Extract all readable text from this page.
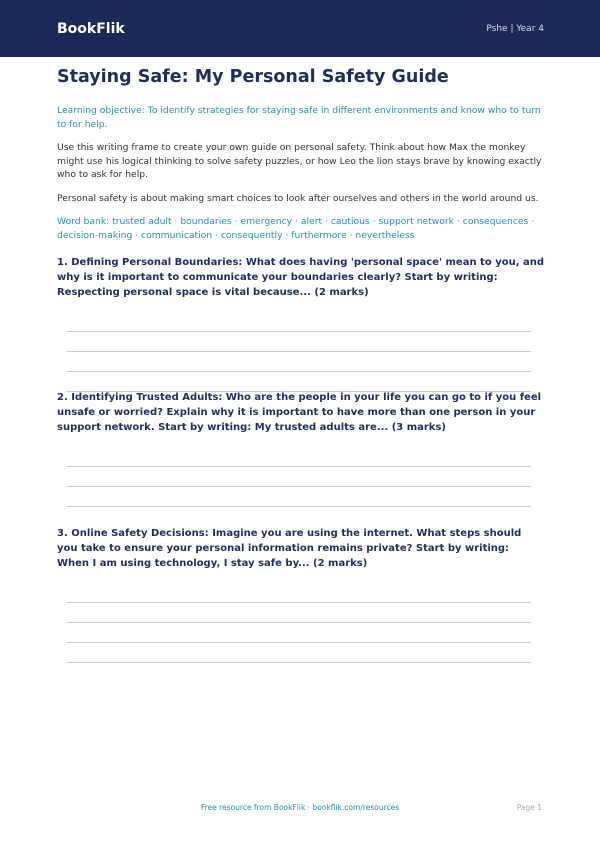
BookFlik	Pshe | Year 4
Staying Safe: My Personal Safety Guide

Learning objective: To identify strategies for staying safe in different environments and know who to turn to for help.

Use this writing frame to create your own guide on personal safety. Think about how Max the monkey might use his logical thinking to solve safety puzzles, or how Leo the lion stays brave by knowing exactly who to ask for help.

Personal safety is about making smart choices to look after ourselves and others in the world around us.

Word bank: trusted adult · boundaries · emergency · alert · cautious · support network · consequences · decision-making · communication · consequently · furthermore · nevertheless

1. Defining Personal Boundaries: What does having 'personal space' mean to you, and why is it important to communicate your boundaries clearly? Start by writing: Respecting personal space is vital because... (2 marks)

2. Identifying Trusted Adults: Who are the people in your life you can go to if you feel unsafe or worried? Explain why it is important to have more than one person in your support network. Start by writing: My trusted adults are... (3 marks)

3. Online Safety Decisions: Imagine you are using the internet. What steps should you take to ensure your personal information remains private? Start by writing: When I am using technology, I stay safe by... (2 marks)

Free resource from BookFlik · bookflik.com/resources	Page 1
